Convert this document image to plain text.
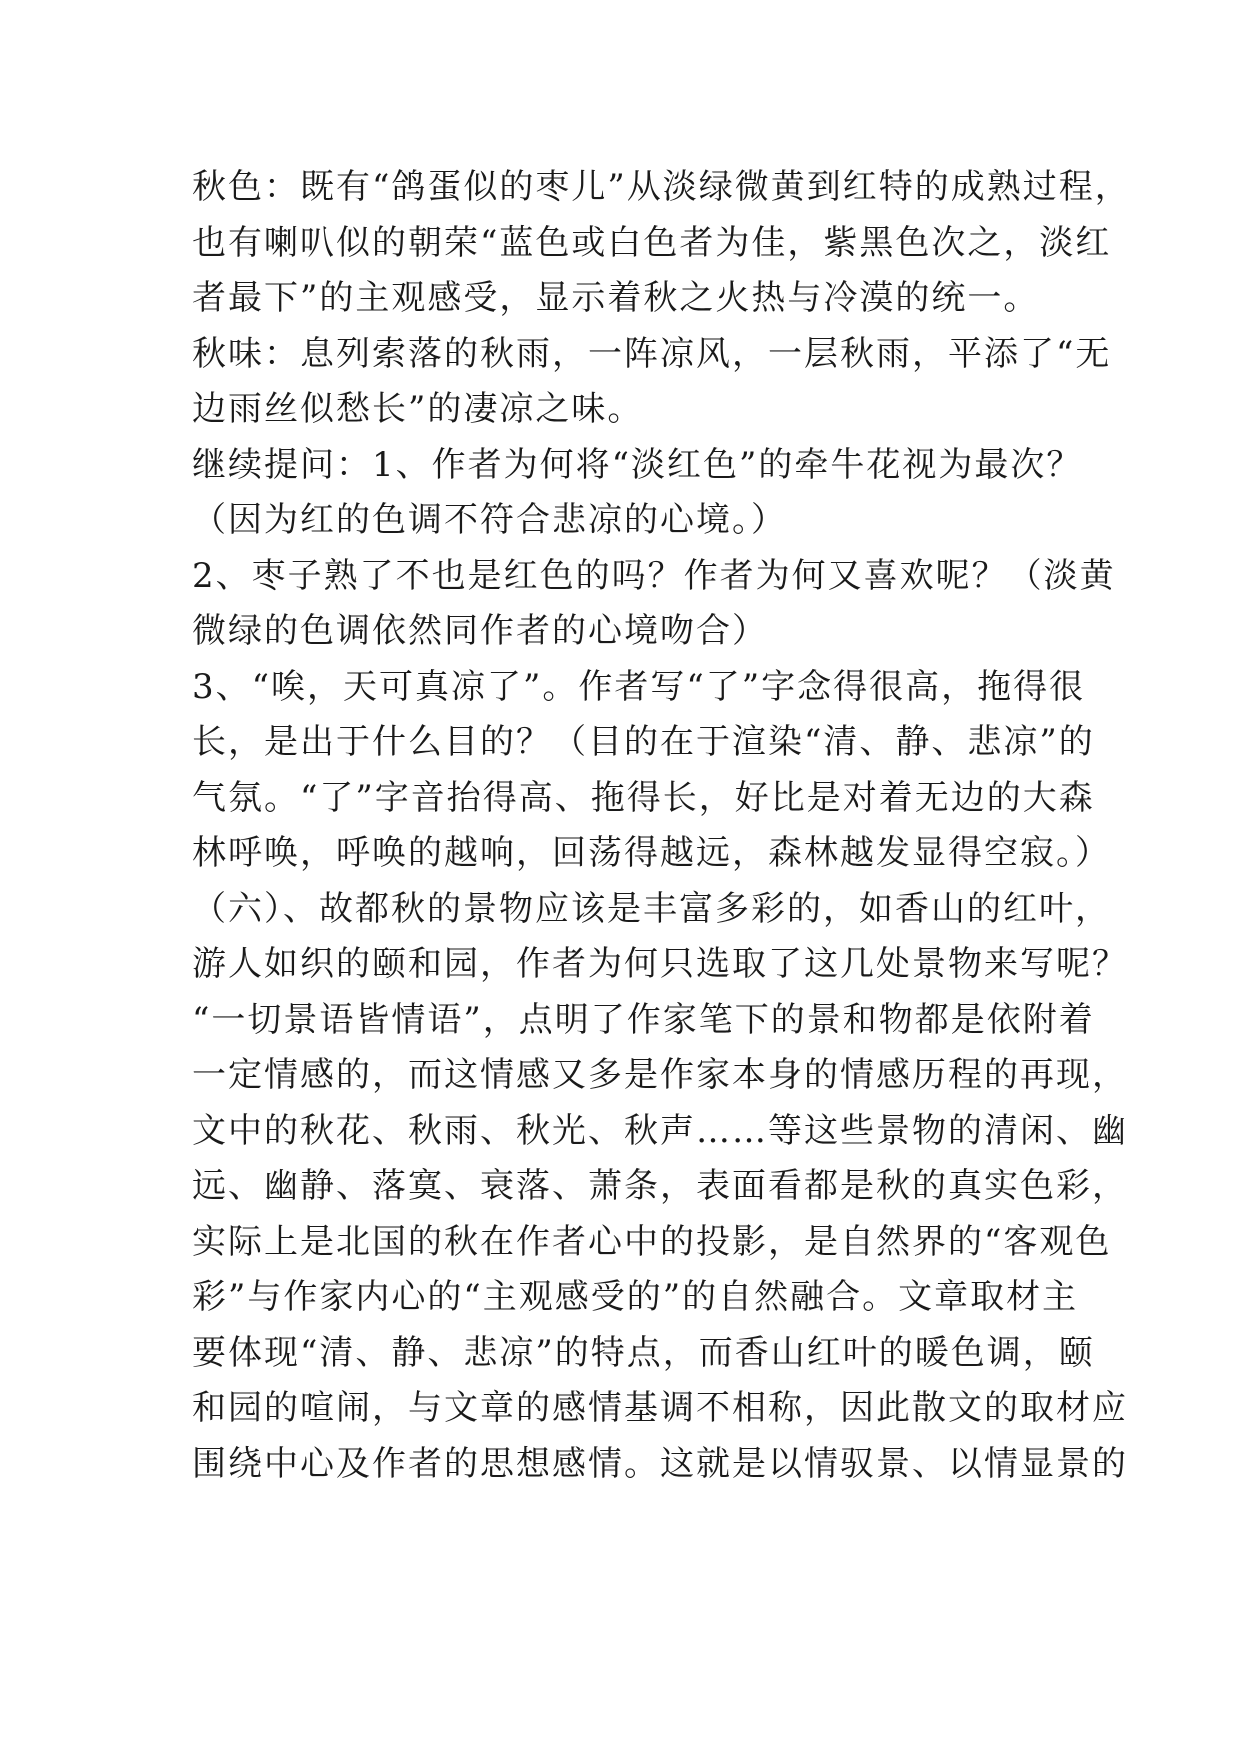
秋色：既有“鸽蛋似的枣儿”从淡绿微黄到红特的成熟过程，
也有喇叭似的朝荣“蓝色或白色者为佳，紫黑色次之，淡红
者最下”的主观感受，显示着秋之火热与冷漠的统一。
秋味：息列索落的秋雨，一阵凉风，一层秋雨，平添了“无
边雨丝似愁长”的凄凉之味。
继续提问：1、作者为何将“淡红色”的牵牛花视为最次？
（因为红的色调不符合悲凉的心境。）
2、枣子熟了不也是红色的吗？作者为何又喜欢呢？（淡黄
微绿的色调依然同作者的心境吻合）
3、“唉，天可真凉了”。作者写“了”字念得很高，拖得很
长，是出于什么目的？（目的在于渲染“清、静、悲凉”的
气氛。“了”字音抬得高、拖得长，好比是对着无边的大森
林呼唤，呼唤的越响，回荡得越远，森林越发显得空寂。）
（六）、故都秋的景物应该是丰富多彩的，如香山的红叶，
游人如织的颐和园，作者为何只选取了这几处景物来写呢？
“一切景语皆情语”，点明了作家笔下的景和物都是依附着
一定情感的，而这情感又多是作家本身的情感历程的再现，
文中的秋花、秋雨、秋光、秋声……等这些景物的清闲、幽
远、幽静、落寞、衰落、萧条，表面看都是秋的真实色彩，
实际上是北国的秋在作者心中的投影，是自然界的“客观色
彩”与作家内心的“主观感受的”的自然融合。文章取材主
要体现“清、静、悲凉”的特点，而香山红叶的暖色调，颐
和园的喧闹，与文章的感情基调不相称，因此散文的取材应
围绕中心及作者的思想感情。这就是以情驭景、以情显景的
